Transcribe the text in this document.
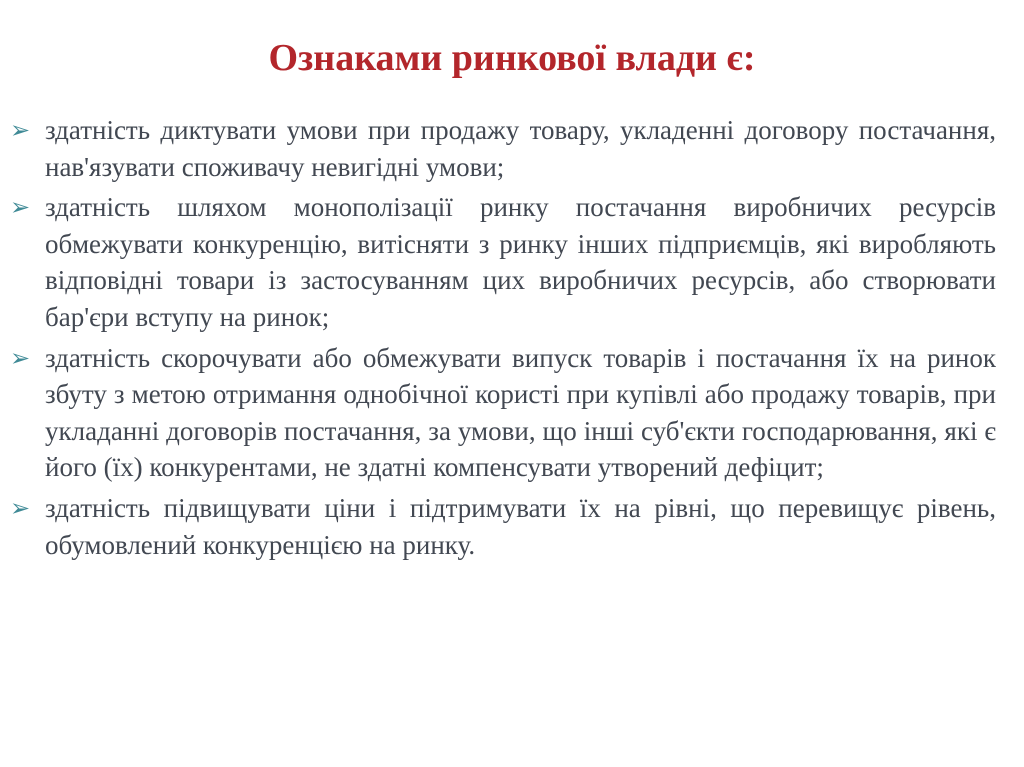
Ознаками ринкової влади є:
➢ здатність диктувати умови при продажу товару, укладенні договору постачання, нав'язувати споживачу невигідні умови;
➢ здатність шляхом монополізації ринку постачання виробничих ресурсів обмежувати конкуренцію, витісняти з ринку інших підприємців, які виробляють відповідні товари із застосуванням цих виробничих ресурсів, або створювати бар'єри вступу на ринок;
➢ здатність скорочувати або обмежувати випуск товарів і постачання їх на ринок збуту з метою отримання однобічної користі при купівлі або продажу товарів, при укладанні договорів постачання, за умови, що інші суб'єкти господарювання, які є його (їх) конкурентами, не здатні компенсувати утворений дефіцит;
➢ здатність підвищувати ціни і підтримувати їх на рівні, що перевищує рівень, обумовлений конкуренцією на ринку.
